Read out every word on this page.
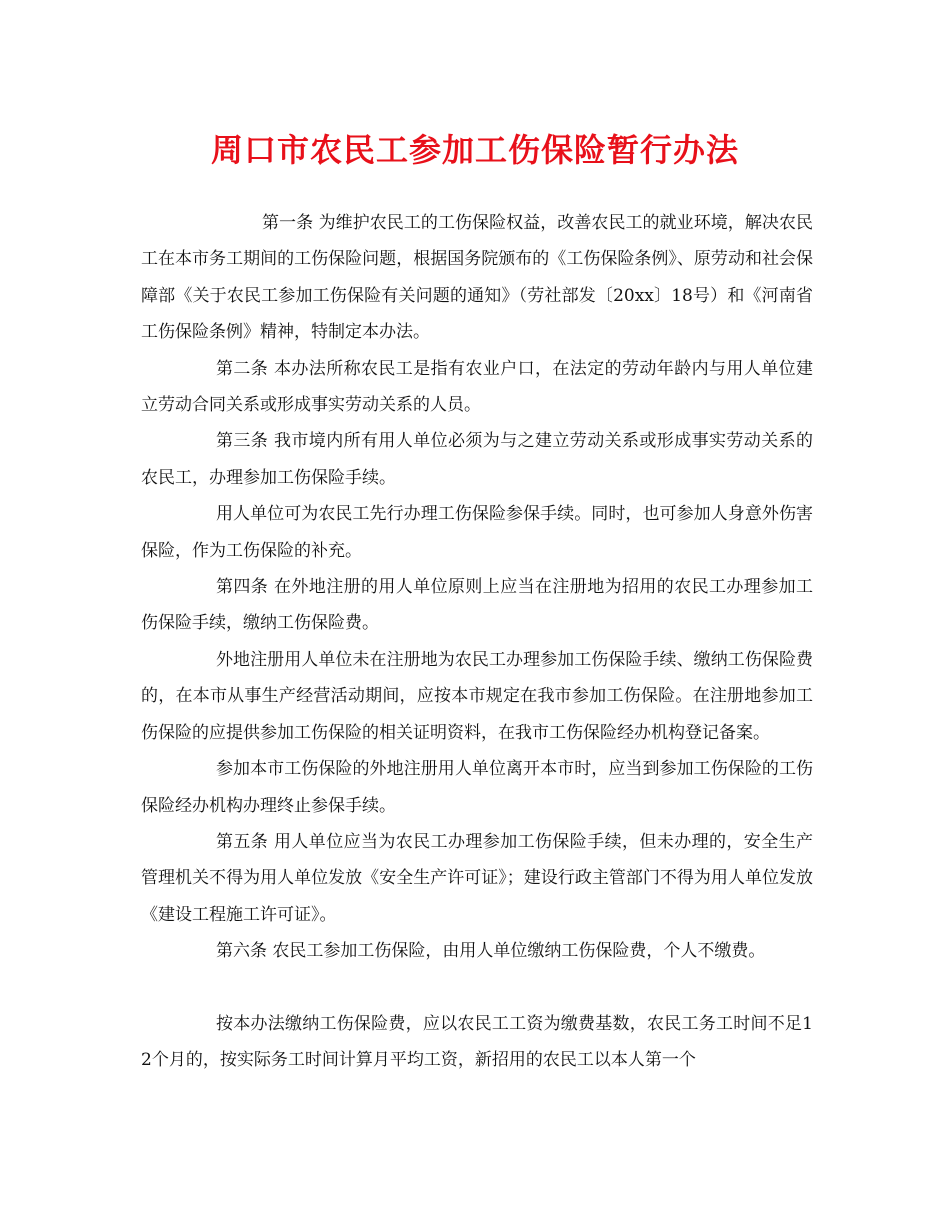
周口市农民工参加工伤保险暂行办法

第一条 为维护农民工的工伤保险权益，改善农民工的就业环境，解决农民工在本市务工期间的工伤保险问题，根据国务院颁布的《工伤保险条例》、原劳动和社会保障部《关于农民工参加工伤保险有关问题的通知》（劳社部发〔20xx〕18号）和《河南省工伤保险条例》精神，特制定本办法。

第二条 本办法所称农民工是指有农业户口，在法定的劳动年龄内与用人单位建立劳动合同关系或形成事实劳动关系的人员。

第三条 我市境内所有用人单位必须为与之建立劳动关系或形成事实劳动关系的农民工，办理参加工伤保险手续。

用人单位可为农民工先行办理工伤保险参保手续。同时，也可参加人身意外伤害保险，作为工伤保险的补充。

第四条 在外地注册的用人单位原则上应当在注册地为招用的农民工办理参加工伤保险手续，缴纳工伤保险费。

外地注册用人单位未在注册地为农民工办理参加工伤保险手续、缴纳工伤保险费的，在本市从事生产经营活动期间，应按本市规定在我市参加工伤保险。在注册地参加工伤保险的应提供参加工伤保险的相关证明资料，在我市工伤保险经办机构登记备案。

参加本市工伤保险的外地注册用人单位离开本市时，应当到参加工伤保险的工伤保险经办机构办理终止参保手续。

第五条 用人单位应当为农民工办理参加工伤保险手续，但未办理的，安全生产管理机关不得为用人单位发放《安全生产许可证》；建设行政主管部门不得为用人单位发放《建设工程施工许可证》。

第六条 农民工参加工伤保险，由用人单位缴纳工伤保险费，个人不缴费。

按本办法缴纳工伤保险费，应以农民工工资为缴费基数，农民工务工时间不足12个月的，按实际务工时间计算月平均工资，新招用的农民工以本人第一个
